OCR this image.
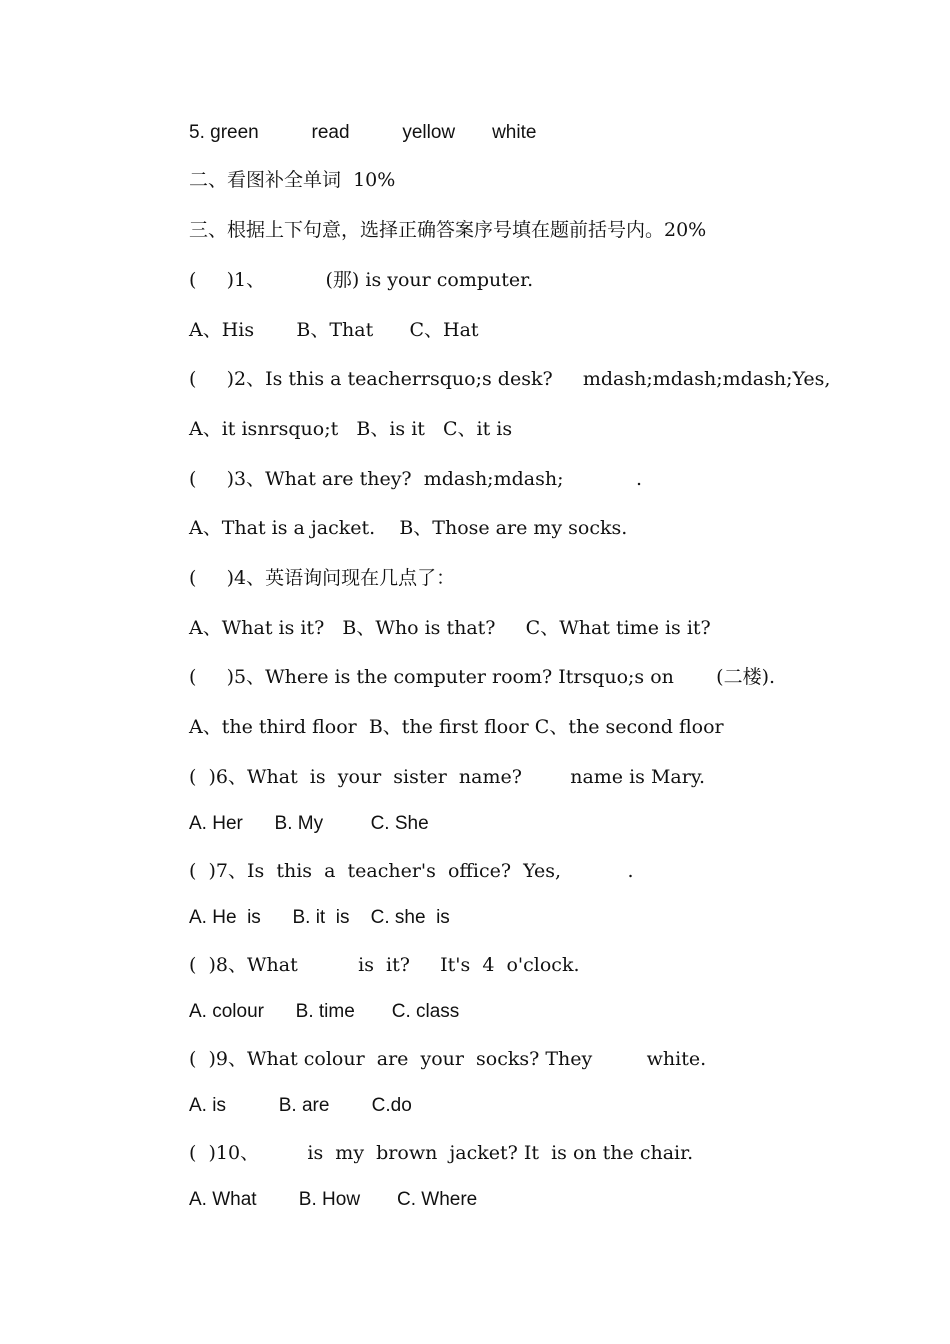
5. green          read          yellow       white
二、看图补全单词  10%
三、根据上下句意，选择正确答案序号填在题前括号内。20%
(     )1、          (那) is your computer.
A、His       B、That      C、Hat
(     )2、Is this a teacherrsquo;s desk?     mdash;mdash;mdash;Yes,
A、it isnrsquo;t   B、is it   C、it is
(     )3、What are they?  mdash;mdash;            .
A、That is a jacket.    B、Those are my socks.
(     )4、英语询问现在几点了：
A、What is it?   B、Who is that?     C、What time is it?
(     )5、Where is the computer room? Itrsquo;s on       (二楼).
A、the third floor  B、the first floor C、the second floor
(  )6、What  is  your  sister  name?        name is Mary.
A. Her      B. My         C. She
(  )7、Is  this  a  teacher's  office?  Yes,           .
A. He  is      B. it  is    C. she  is
(  )8、What          is  it?     It's  4  o'clock.
A. colour      B. time       C. class
(  )9、What colour  are  your  socks? They         white.
A. is          B. are        C.do
(  )10、        is  my  brown  jacket? It  is on the chair.
A. What        B. How       C. Where
